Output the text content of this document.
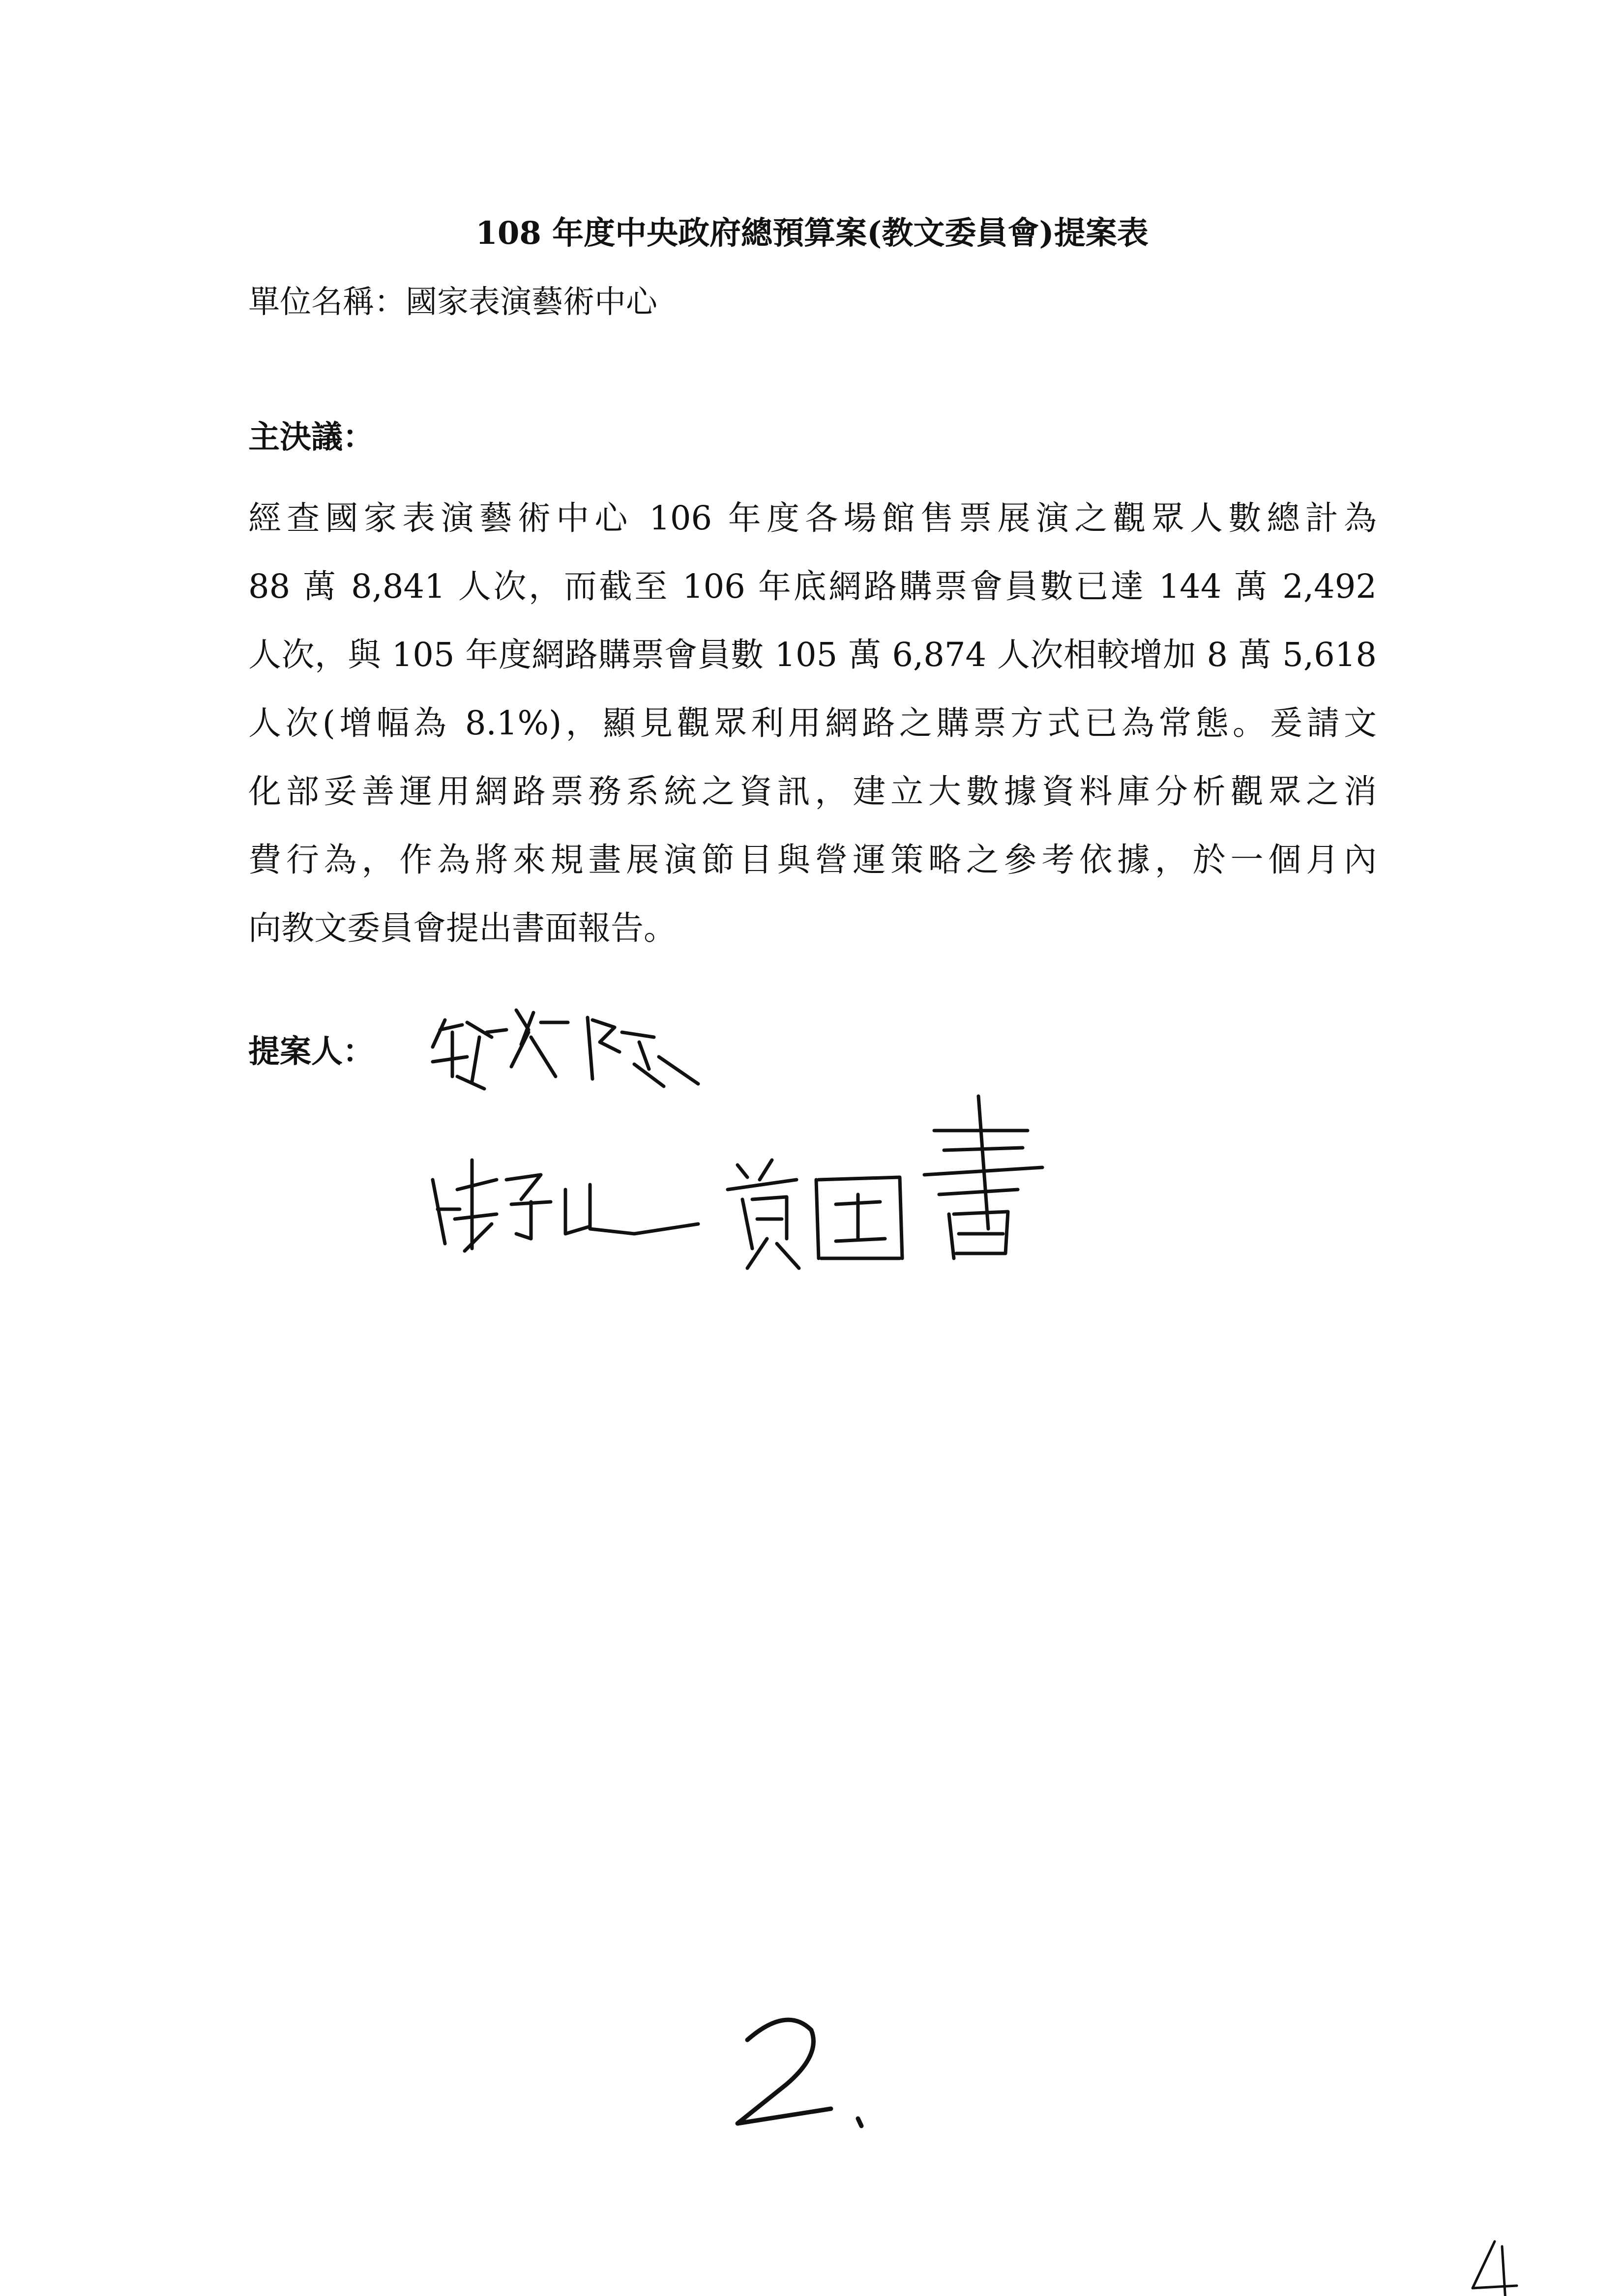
108 年度中央政府總預算案(教文委員會)提案表
單位名稱：國家表演藝術中心
主決議：
經查國家表演藝術中心 106 年度各場館售票展演之觀眾人數總計為
88 萬 8,841 人次，而截至 106 年底網路購票會員數已達 144 萬 2,492
人次，與 105 年度網路購票會員數 105 萬 6,874 人次相較增加 8 萬 5,618
人次(增幅為 8.1%)，顯見觀眾利用網路之購票方式已為常態。爰請文
化部妥善運用網路票務系統之資訊，建立大數據資料庫分析觀眾之消
費行為，作為將來規畫展演節目與營運策略之參考依據，於一個月內
向教文委員會提出書面報告。
提案人：
